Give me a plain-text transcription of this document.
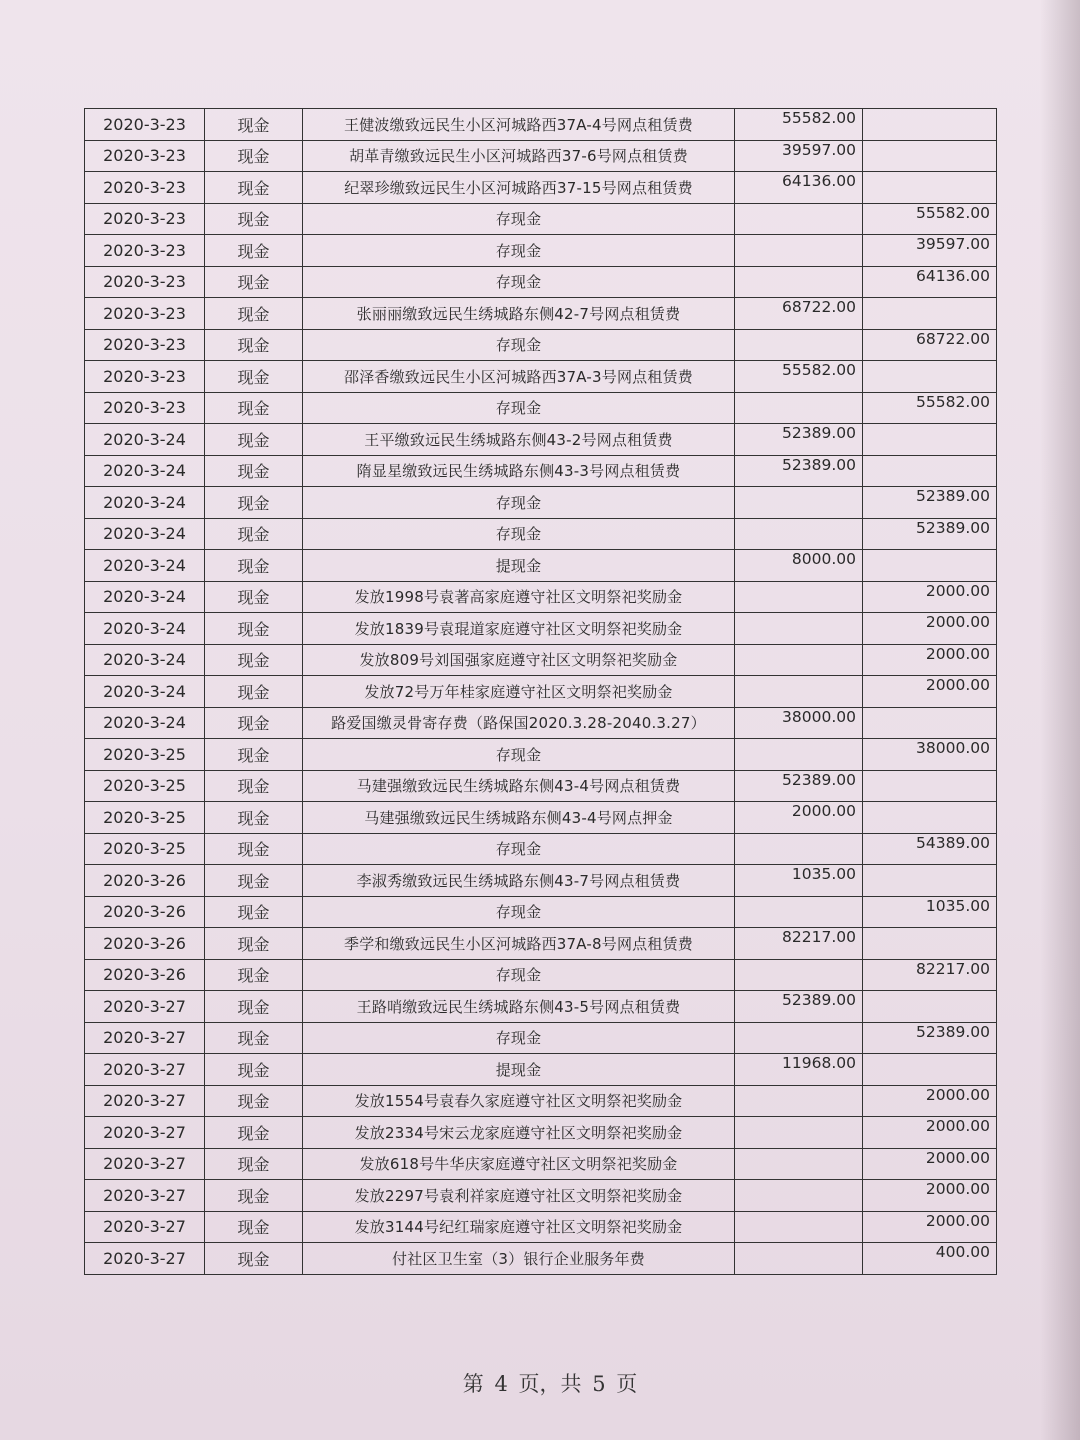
2020-3-23	现金	王健波缴致远民生小区河城路西37A-4号网点租赁费	55582.00	
2020-3-23	现金	胡革青缴致远民生小区河城路西37-6号网点租赁费	39597.00	
2020-3-23	现金	纪翠珍缴致远民生小区河城路西37-15号网点租赁费	64136.00	
2020-3-23	现金	存现金		55582.00
2020-3-23	现金	存现金		39597.00
2020-3-23	现金	存现金		64136.00
2020-3-23	现金	张丽丽缴致远民生绣城路东侧42-7号网点租赁费	68722.00	
2020-3-23	现金	存现金		68722.00
2020-3-23	现金	邵泽香缴致远民生小区河城路西37A-3号网点租赁费	55582.00	
2020-3-23	现金	存现金		55582.00
2020-3-24	现金	王平缴致远民生绣城路东侧43-2号网点租赁费	52389.00	
2020-3-24	现金	隋显星缴致远民生绣城路东侧43-3号网点租赁费	52389.00	
2020-3-24	现金	存现金		52389.00
2020-3-24	现金	存现金		52389.00
2020-3-24	现金	提现金	8000.00	
2020-3-24	现金	发放1998号袁著高家庭遵守社区文明祭祀奖励金		2000.00
2020-3-24	现金	发放1839号袁琨道家庭遵守社区文明祭祀奖励金		2000.00
2020-3-24	现金	发放809号刘国强家庭遵守社区文明祭祀奖励金		2000.00
2020-3-24	现金	发放72号万年桂家庭遵守社区文明祭祀奖励金		2000.00
2020-3-24	现金	路爱国缴灵骨寄存费（路保国2020.3.28-2040.3.27）	38000.00	
2020-3-25	现金	存现金		38000.00
2020-3-25	现金	马建强缴致远民生绣城路东侧43-4号网点租赁费	52389.00	
2020-3-25	现金	马建强缴致远民生绣城路东侧43-4号网点押金	2000.00	
2020-3-25	现金	存现金		54389.00
2020-3-26	现金	李淑秀缴致远民生绣城路东侧43-7号网点租赁费	1035.00	
2020-3-26	现金	存现金		1035.00
2020-3-26	现金	季学和缴致远民生小区河城路西37A-8号网点租赁费	82217.00	
2020-3-26	现金	存现金		82217.00
2020-3-27	现金	王路哨缴致远民生绣城路东侧43-5号网点租赁费	52389.00	
2020-3-27	现金	存现金		52389.00
2020-3-27	现金	提现金	11968.00	
2020-3-27	现金	发放1554号袁春久家庭遵守社区文明祭祀奖励金		2000.00
2020-3-27	现金	发放2334号宋云龙家庭遵守社区文明祭祀奖励金		2000.00
2020-3-27	现金	发放618号牛华庆家庭遵守社区文明祭祀奖励金		2000.00
2020-3-27	现金	发放2297号袁利祥家庭遵守社区文明祭祀奖励金		2000.00
2020-3-27	现金	发放3144号纪红瑞家庭遵守社区文明祭祀奖励金		2000.00
2020-3-27	现金	付社区卫生室（3）银行企业服务年费		400.00
第 4 页，共 5 页
